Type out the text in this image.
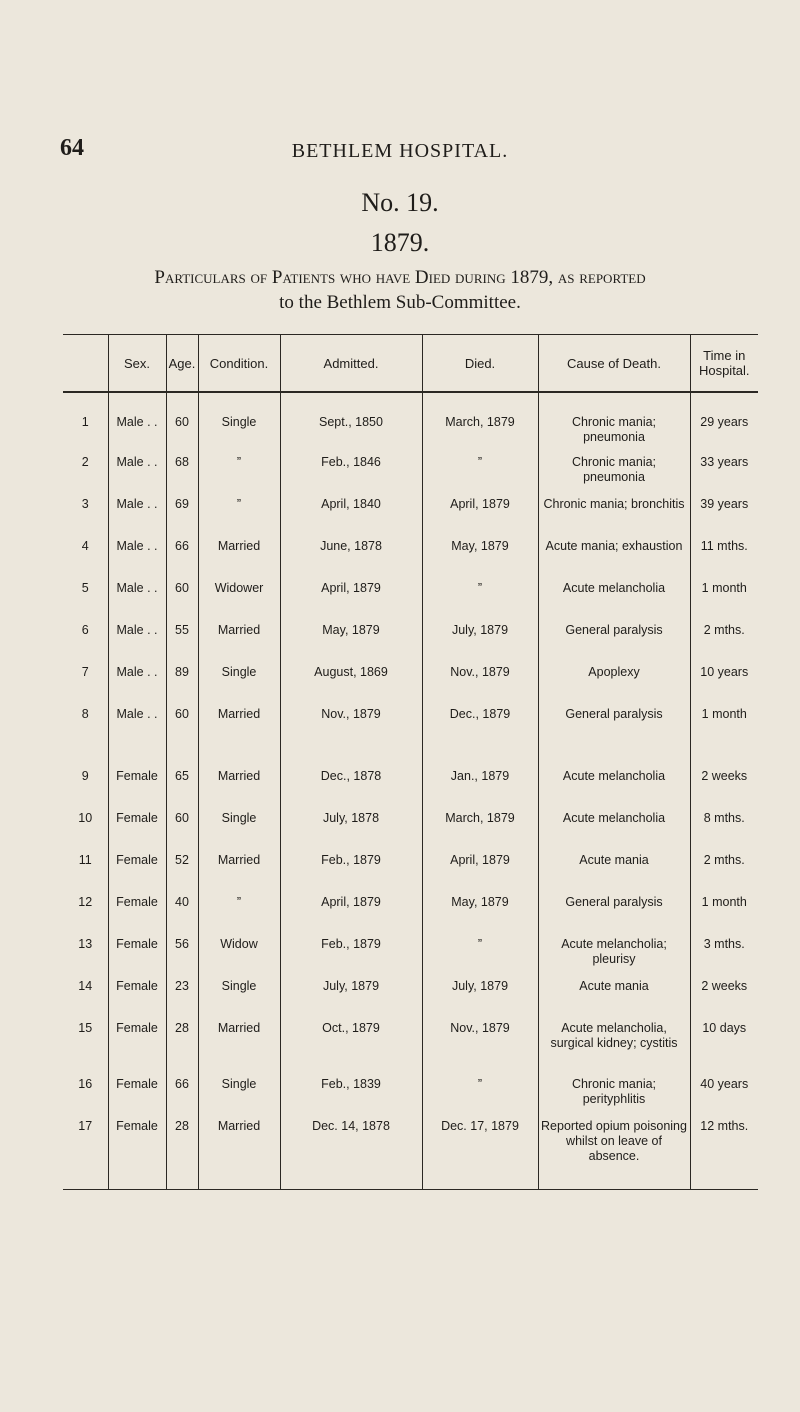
64	BETHLEM HOSPITAL.
No. 19.
1879.
Particulars of Patients who have Died during 1879, as reported
to the Bethlem Sub-Committee.
	Sex.	Age.	Condition.	Admitted.	Died.	Cause of Death.	Time in Hospital.
1	Male . .	60	Single	Sept., 1850	March, 1879	Chronic mania; pneumonia	29 years
2	Male . .	68	”	Feb., 1846	”	Chronic mania; pneumonia	33 years
3	Male . .	69	”	April, 1840	April, 1879	Chronic mania; bronchitis	39 years
4	Male . .	66	Married	June, 1878	May, 1879	Acute mania; exhaustion	11 mths.
5	Male . .	60	Widower	April, 1879	”	Acute melancholia	1 month
6	Male . .	55	Married	May, 1879	July, 1879	General paralysis	2 mths.
7	Male . .	89	Single	August, 1869	Nov., 1879	Apoplexy	10 years
8	Male . .	60	Married	Nov., 1879	Dec., 1879	General paralysis	1 month
9	Female	65	Married	Dec., 1878	Jan., 1879	Acute melancholia	2 weeks
10	Female	60	Single	July, 1878	March, 1879	Acute melancholia	8 mths.
11	Female	52	Married	Feb., 1879	April, 1879	Acute mania	2 mths.
12	Female	40	”	April, 1879	May, 1879	General paralysis	1 month
13	Female	56	Widow	Feb., 1879	”	Acute melancholia; pleurisy	3 mths.
14	Female	23	Single	July, 1879	July, 1879	Acute mania	2 weeks
15	Female	28	Married	Oct., 1879	Nov., 1879	Acute melancholia, surgical kidney; cystitis	10 days
16	Female	66	Single	Feb., 1839	”	Chronic mania; perityphlitis	40 years
17	Female	28	Married	Dec. 14, 1878	Dec. 17, 1879	Reported opium poisoning whilst on leave of absence.	12 mths.
